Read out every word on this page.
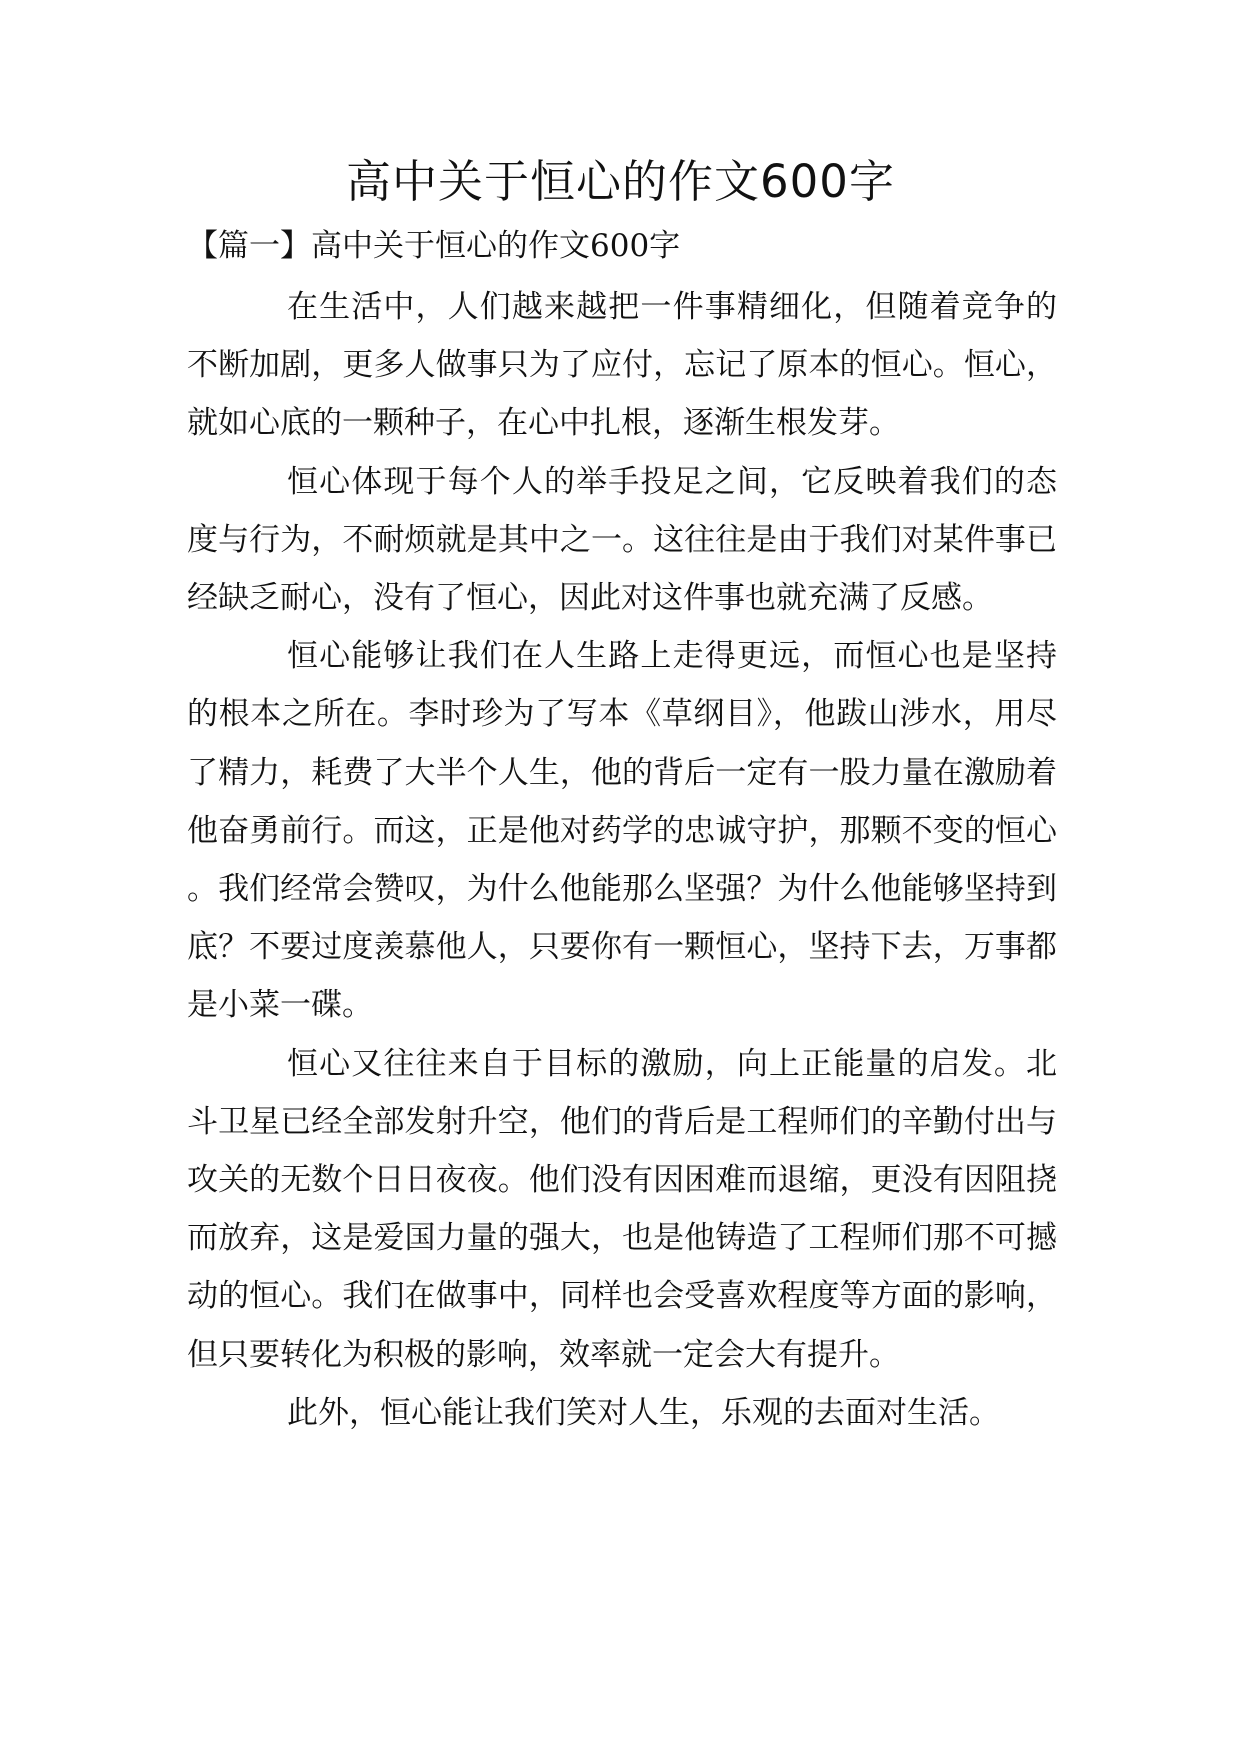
高中关于恒心的作文600字

【篇一】高中关于恒心的作文600字

在生活中，人们越来越把一件事精细化，但随着竞争的不断加剧，更多人做事只为了应付，忘记了原本的恒心。恒心，就如心底的一颗种子，在心中扎根，逐渐生根发芽。

恒心体现于每个人的举手投足之间，它反映着我们的态度与行为，不耐烦就是其中之一。这往往是由于我们对某件事已经缺乏耐心，没有了恒心，因此对这件事也就充满了反感。

恒心能够让我们在人生路上走得更远，而恒心也是坚持的根本之所在。李时珍为了写本《草纲目》，他跋山涉水，用尽了精力，耗费了大半个人生，他的背后一定有一股力量在激励着他奋勇前行。而这，正是他对药学的忠诚守护，那颗不变的恒心。我们经常会赞叹，为什么他能那么坚强？为什么他能够坚持到底？不要过度羡慕他人，只要你有一颗恒心，坚持下去，万事都是小菜一碟。

恒心又往往来自于目标的激励，向上正能量的启发。北斗卫星已经全部发射升空，他们的背后是工程师们的辛勤付出与攻关的无数个日日夜夜。他们没有因困难而退缩，更没有因阻挠而放弃，这是爱国力量的强大，也是他铸造了工程师们那不可撼动的恒心。我们在做事中，同样也会受喜欢程度等方面的影响，但只要转化为积极的影响，效率就一定会大有提升。

此外，恒心能让我们笑对人生，乐观的去面对生活。
